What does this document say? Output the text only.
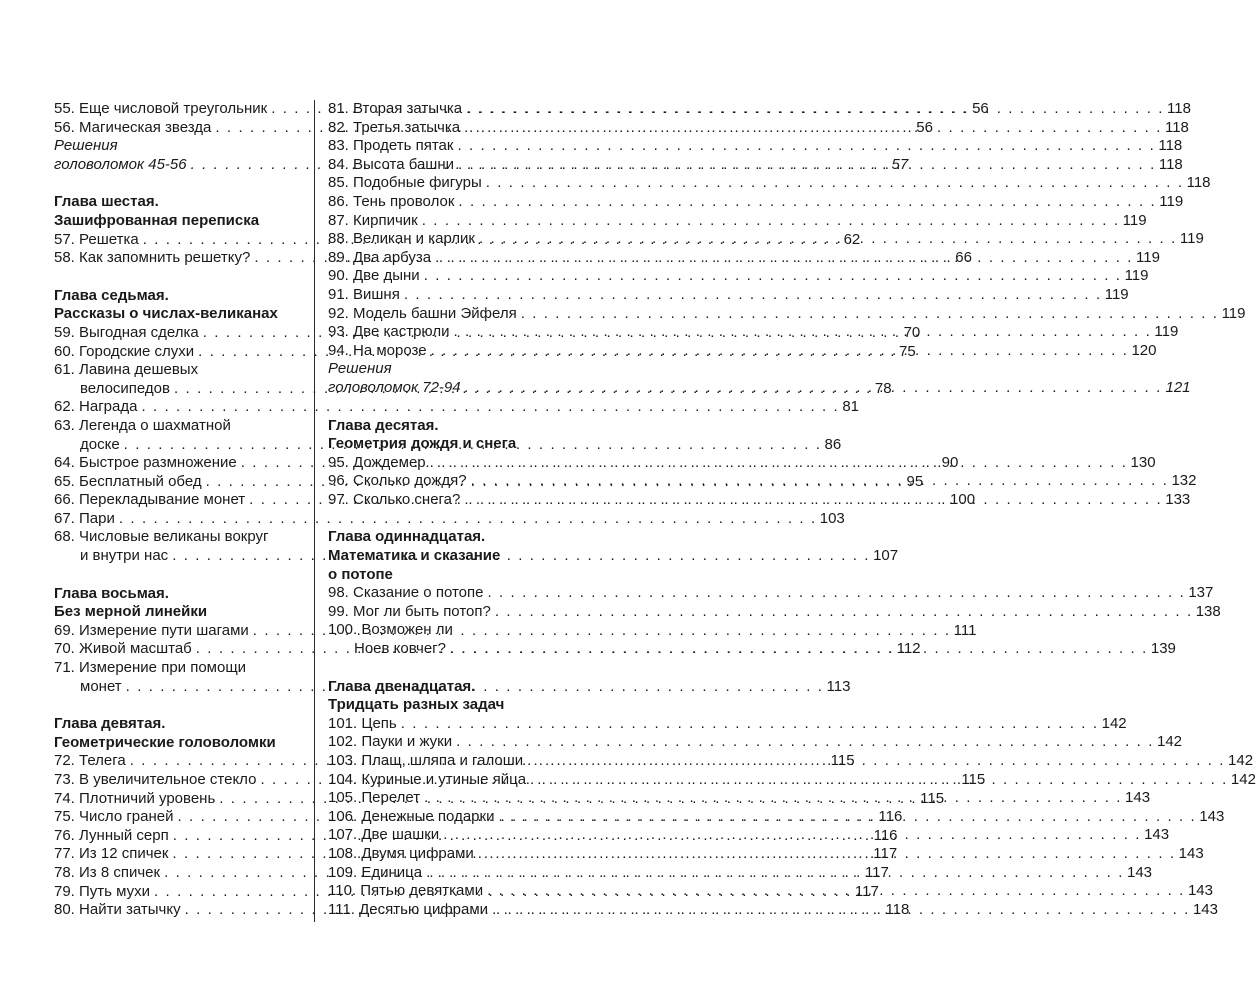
55. Еще числовой треугольник . . .	56
56. Магическая звезда . . .	56
Решения
головоломок 45-56 . . .	57
Глава шестая.
Зашифрованная переписка
57. Решетка . . .	62
58. Как запомнить решетку? . . .	66
Глава седьмая.
Рассказы о числах-великанах
59. Выгодная сделка . . .	70
60. Городские слухи . . .	75
61. Лавина дешевых
велосипедов . . .	78
62. Награда . . .	81
63. Легенда о шахматной
доске . . .	86
64. Быстрое размножение . . .	90
65. Бесплатный обед . . .	95
66. Перекладывание монет . . .	100
67. Пари . . .	103
68. Числовые великаны вокруг
и внутри нас . . .	107
Глава восьмая.
Без мерной линейки
69. Измерение пути шагами . . .	111
70. Живой масштаб . . .	112
71. Измерение при помощи
монет . . .	113
Глава девятая.
Геометрические головоломки
72. Телега . . .	115
73. В увеличительное стекло . . .	115
74. Плотничий уровень . . .	115
75. Число граней . . .	116
76. Лунный серп . . .	116
77. Из 12 спичек . . .	117
78. Из 8 спичек . . .	117
79. Путь мухи . . .	117
80. Найти затычку . . .	118
81. Вторая затычка . . .	118
82. Третья затычка . . .	118
83. Продеть пятак . . .	118
84. Высота башни . . .	118
85. Подобные фигуры . . .	118
86. Тень проволок . . .	119
87. Кирпичик . . .	119
88. Великан и карлик . . .	119
89. Два арбуза . . .	119
90. Две дыни . . .	119
91. Вишня . . .	119
92. Модель башни Эйфеля . . .	119
93. Две кастрюли . . .	119
94. На морозе . . .	120
Решения
головоломок 72-94 . . .	121
Глава десятая.
Геометрия дождя и снега
95. Дождемер . . .	130
96. Сколько дождя? . . .	132
97. Сколько снега? . . .	133
Глава одиннадцатая.
Математика и сказание
о потопе
98. Сказание о потопе . . .	137
99. Мог ли быть потоп? . . .	138
100. Возможен ли
Ноев ковчег? . . .	139
Глава двенадцатая.
Тридцать разных задач
101. Цепь . . .	142
102. Пауки и жуки . . .	142
103. Плащ, шляпа и галоши . . .	142
104. Куриные и утиные яйца . . .	142
105. Перелет . . .	143
106. Денежные подарки . . .	143
107. Две шашки . . .	143
108. Двумя цифрами . . .	143
109. Единица . . .	143
110. Пятью девятками . . .	143
111. Десятью цифрами . . .	143
